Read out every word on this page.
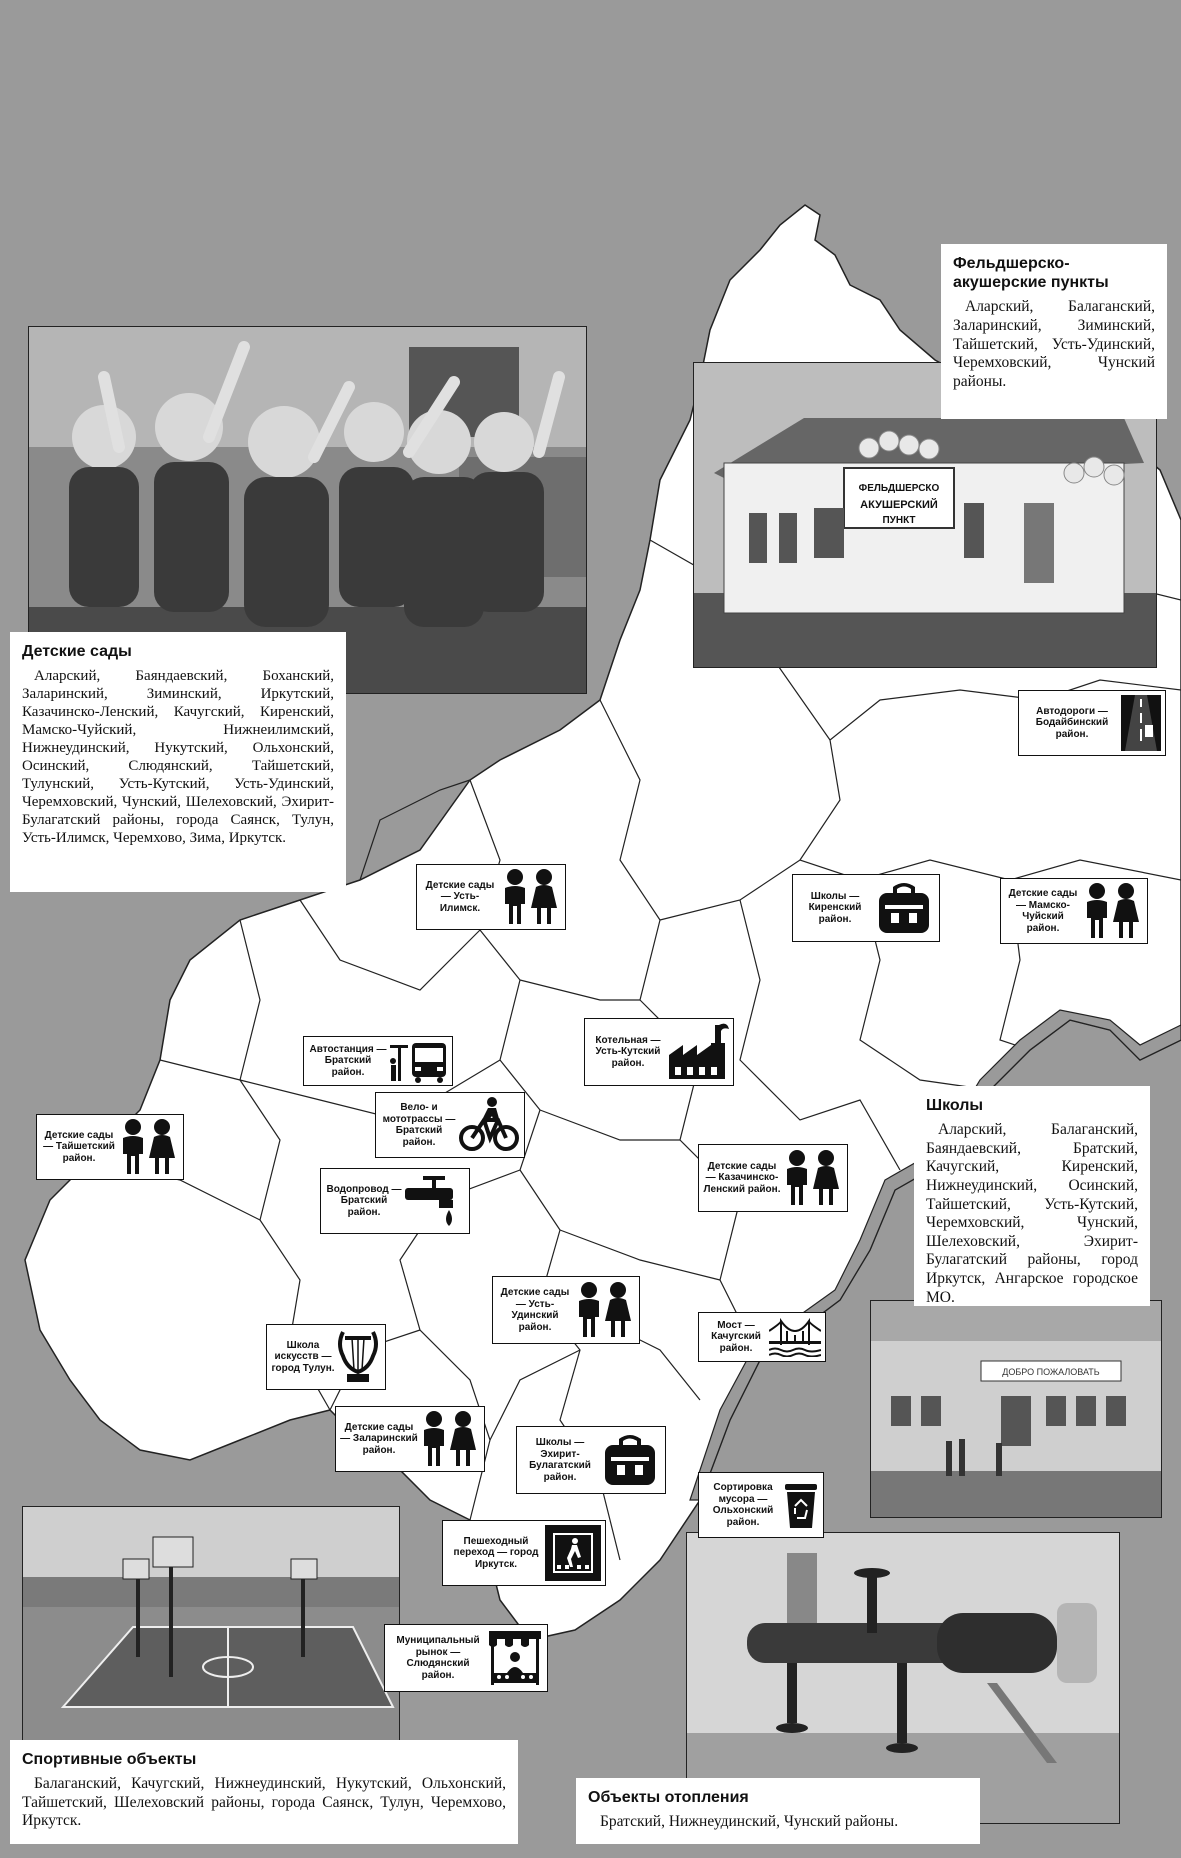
ФЕЛЬДШЕРСКО
АКУШЕРСКИЙ
ПУНКТ
ДОБРО ПОЖАЛОВАТЬ
Детские сады

Аларский, Баяндаевский, Боханский, Заларинский, Зиминский, Иркутский, Казачинско-Ленский, Качугский, Киренский, Мамско-Чуйский, Нижнеилимский, Нижнеудинский, Нукутский, Ольхонский, Осинский, Слюдянский, Тайшетский, Тулунский, Усть-Кутский, Усть-Удинский, Черемховский, Чунский, Шелеховский, Эхирит-Булагатский районы, города Саянск, Тулун, Усть-Илимск, Черемхово, Зима, Иркутск.

Фельдшерско-акушерские пункты

Аларский, Балаганский, Заларинский, Зиминский, Тайшетский, Усть-Удинский, Черемховский, Чунский районы.

Школы

Аларский, Балаганский, Баяндаевский, Братский, Качугский, Киренский, Нижнеудинский, Осинский, Тайшетский, Усть-Кутский, Черемховский, Чунский, Шелеховский, Эхирит-Булагатский районы, город Иркутск, Ангарское городское МО.

Спортивные объекты

Балаганский, Качугский, Нижнеудинский, Нукутский, Ольхонский, Тайшетский, Шелеховский районы, города Саянск, Тулун, Черемхово, Иркутск.

Объекты отопления

Братский, Нижнеудинский, Чунский районы.

Автодороги — Бодайбинский район.
Детские сады — Усть-Илимск.
Школы — Киренский район.
Детские сады — Мамско-Чуйский район.
Котельная — Усть-Кутский район.
Автостанция — Братский район.
Вело- и мототрассы — Братский район.
Детские сады — Тайшетский район.
Водопровод — Братский район.
Детские сады — Казачинско-Ленский район.
Детские сады — Усть-Удинский район.	Мост — Качугский район.
Школа искусств — город Тулун.
Детские сады — Заларинский район.
Школы — Эхирит-Булагатский район.
Сортировка мусора — Ольхонский район.
Пешеходный переход — город Иркутск.
Муниципальный рынок — Слюдянский район.
